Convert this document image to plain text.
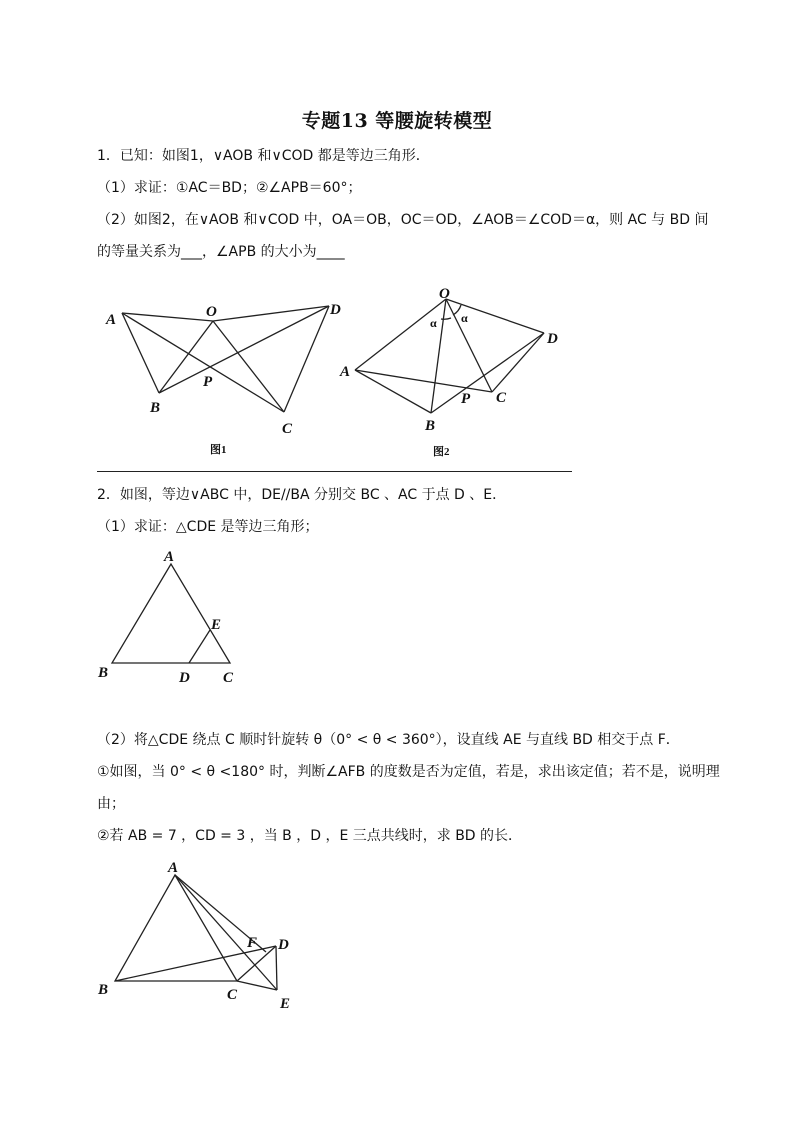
专题13 等腰旋转模型
1．已知：如图1，∨AOB 和∨COD 都是等边三角形．
（1）求证：①AC＝BD；②∠APB＝60°；
（2）如图2，在∨AOB 和∨COD 中，OA＝OB，OC＝OD，∠AOB＝∠COD＝α，则 AC 与 BD 间
的等量关系为___，∠APB 的大小为____
A	O	D
B
P
C
图1
O
α α
D
A
P C
B
图2
2．如图，等边∨ABC 中，DE//BA 分别交 BC 、AC 于点 D 、E．
（1）求证：△CDE 是等边三角形；
A
E
B	D C
（2）将△CDE 绕点 C 顺时针旋转 θ（0° < θ < 360°），设直线 AE 与直线 BD 相交于点 F．
①如图，当 0° < θ <180° 时，判断∠AFB 的度数是否为定值，若是，求出该定值；若不是，说明理
由；
②若 AB = 7 ，CD = 3 ，当 B ，D ，E 三点共线时，求 BD 的长．
A
F D
B	C
E
